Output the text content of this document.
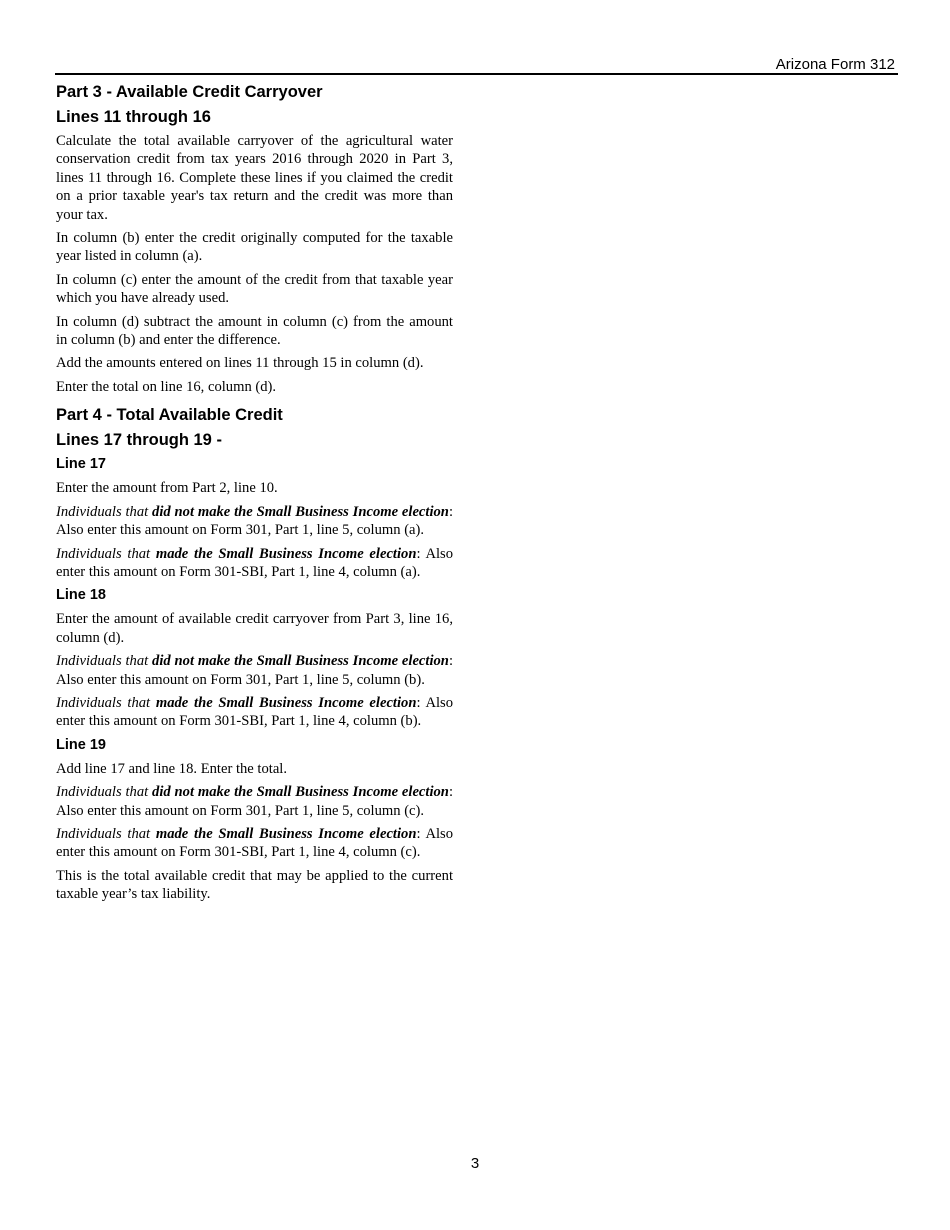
Arizona Form 312
Part 3 - Available Credit Carryover
Lines 11 through 16

Calculate the total available carryover of the agricultural water conservation credit from tax years 2016 through 2020 in Part 3, lines 11 through 16. Complete these lines if you claimed the credit on a prior taxable year's tax return and the credit was more than your tax.

In column (b) enter the credit originally computed for the taxable year listed in column (a).

In column (c) enter the amount of the credit from that taxable year which you have already used.

In column (d) subtract the amount in column (c) from the amount in column (b) and enter the difference.

Add the amounts entered on lines 11 through 15 in column (d).

Enter the total on line 16, column (d).

Part 4 - Total Available Credit
Lines 17 through 19 -
Line 17

Enter the amount from Part 2, line 10.

Individuals that did not make the Small Business Income election: Also enter this amount on Form 301, Part 1, line 5, column (a).

Individuals that made the Small Business Income election: Also enter this amount on Form 301-SBI, Part 1, line 4, column (a).

Line 18

Enter the amount of available credit carryover from Part 3, line 16, column (d).

Individuals that did not make the Small Business Income election: Also enter this amount on Form 301, Part 1, line 5, column (b).

Individuals that made the Small Business Income election: Also enter this amount on Form 301-SBI, Part 1, line 4, column (b).

Line 19

Add line 17 and line 18. Enter the total.

Individuals that did not make the Small Business Income election: Also enter this amount on Form 301, Part 1, line 5, column (c).

Individuals that made the Small Business Income election: Also enter this amount on Form 301-SBI, Part 1, line 4, column (c).

This is the total available credit that may be applied to the current taxable year’s tax liability.

3
